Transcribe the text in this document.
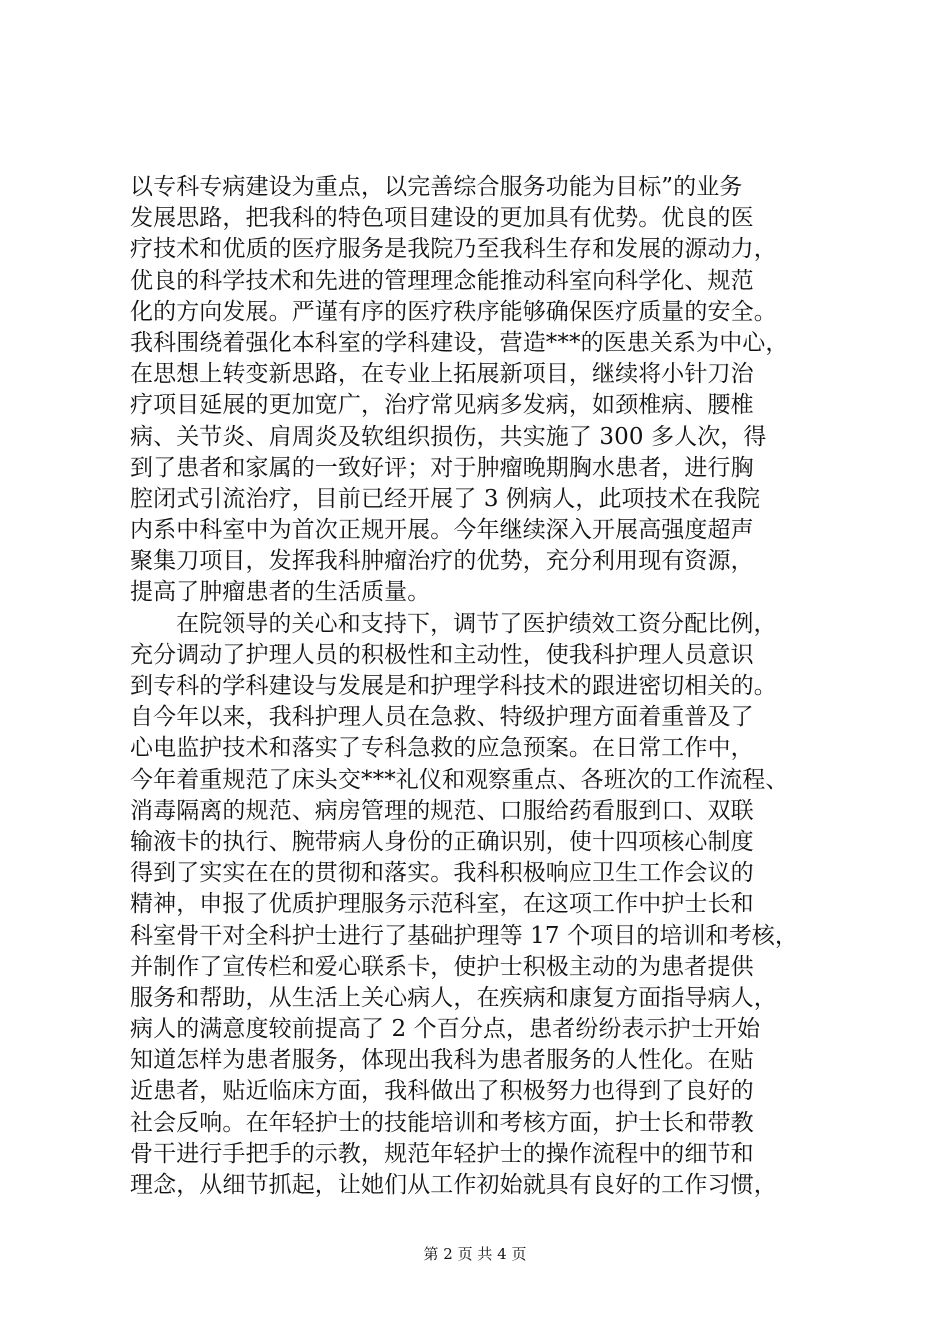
以专科专病建设为重点，以完善综合服务功能为目标”的业务
发展思路，把我科的特色项目建设的更加具有优势。优良的医
疗技术和优质的医疗服务是我院乃至我科生存和发展的源动力，
优良的科学技术和先进的管理理念能推动科室向科学化、规范
化的方向发展。严谨有序的医疗秩序能够确保医疗质量的安全。
我科围绕着强化本科室的学科建设，营造***的医患关系为中心，
在思想上转变新思路，在专业上拓展新项目，继续将小针刀治
疗项目延展的更加宽广，治疗常见病多发病，如颈椎病、腰椎
病、关节炎、肩周炎及软组织损伤，共实施了 300 多人次，得
到了患者和家属的一致好评；对于肿瘤晚期胸水患者，进行胸
腔闭式引流治疗，目前已经开展了 3 例病人，此项技术在我院
内系中科室中为首次正规开展。今年继续深入开展高强度超声
聚集刀项目，发挥我科肿瘤治疗的优势，充分利用现有资源，
提高了肿瘤患者的生活质量。
在院领导的关心和支持下，调节了医护绩效工资分配比例，
充分调动了护理人员的积极性和主动性，使我科护理人员意识
到专科的学科建设与发展是和护理学科技术的跟进密切相关的。
自今年以来，我科护理人员在急救、特级护理方面着重普及了
心电监护技术和落实了专科急救的应急预案。在日常工作中，
今年着重规范了床头交***礼仪和观察重点、各班次的工作流程、
消毒隔离的规范、病房管理的规范、口服给药看服到口、双联
输液卡的执行、腕带病人身份的正确识别，使十四项核心制度
得到了实实在在的贯彻和落实。我科积极响应卫生工作会议的
精神，申报了优质护理服务示范科室，在这项工作中护士长和
科室骨干对全科护士进行了基础护理等 17 个项目的培训和考核，
并制作了宣传栏和爱心联系卡，使护士积极主动的为患者提供
服务和帮助，从生活上关心病人，在疾病和康复方面指导病人，
病人的满意度较前提高了 2 个百分点，患者纷纷表示护士开始
知道怎样为患者服务，体现出我科为患者服务的人性化。在贴
近患者，贴近临床方面，我科做出了积极努力也得到了良好的
社会反响。在年轻护士的技能培训和考核方面，护士长和带教
骨干进行手把手的示教，规范年轻护士的操作流程中的细节和
理念，从细节抓起，让她们从工作初始就具有良好的工作习惯，
第 2 页 共 4 页
